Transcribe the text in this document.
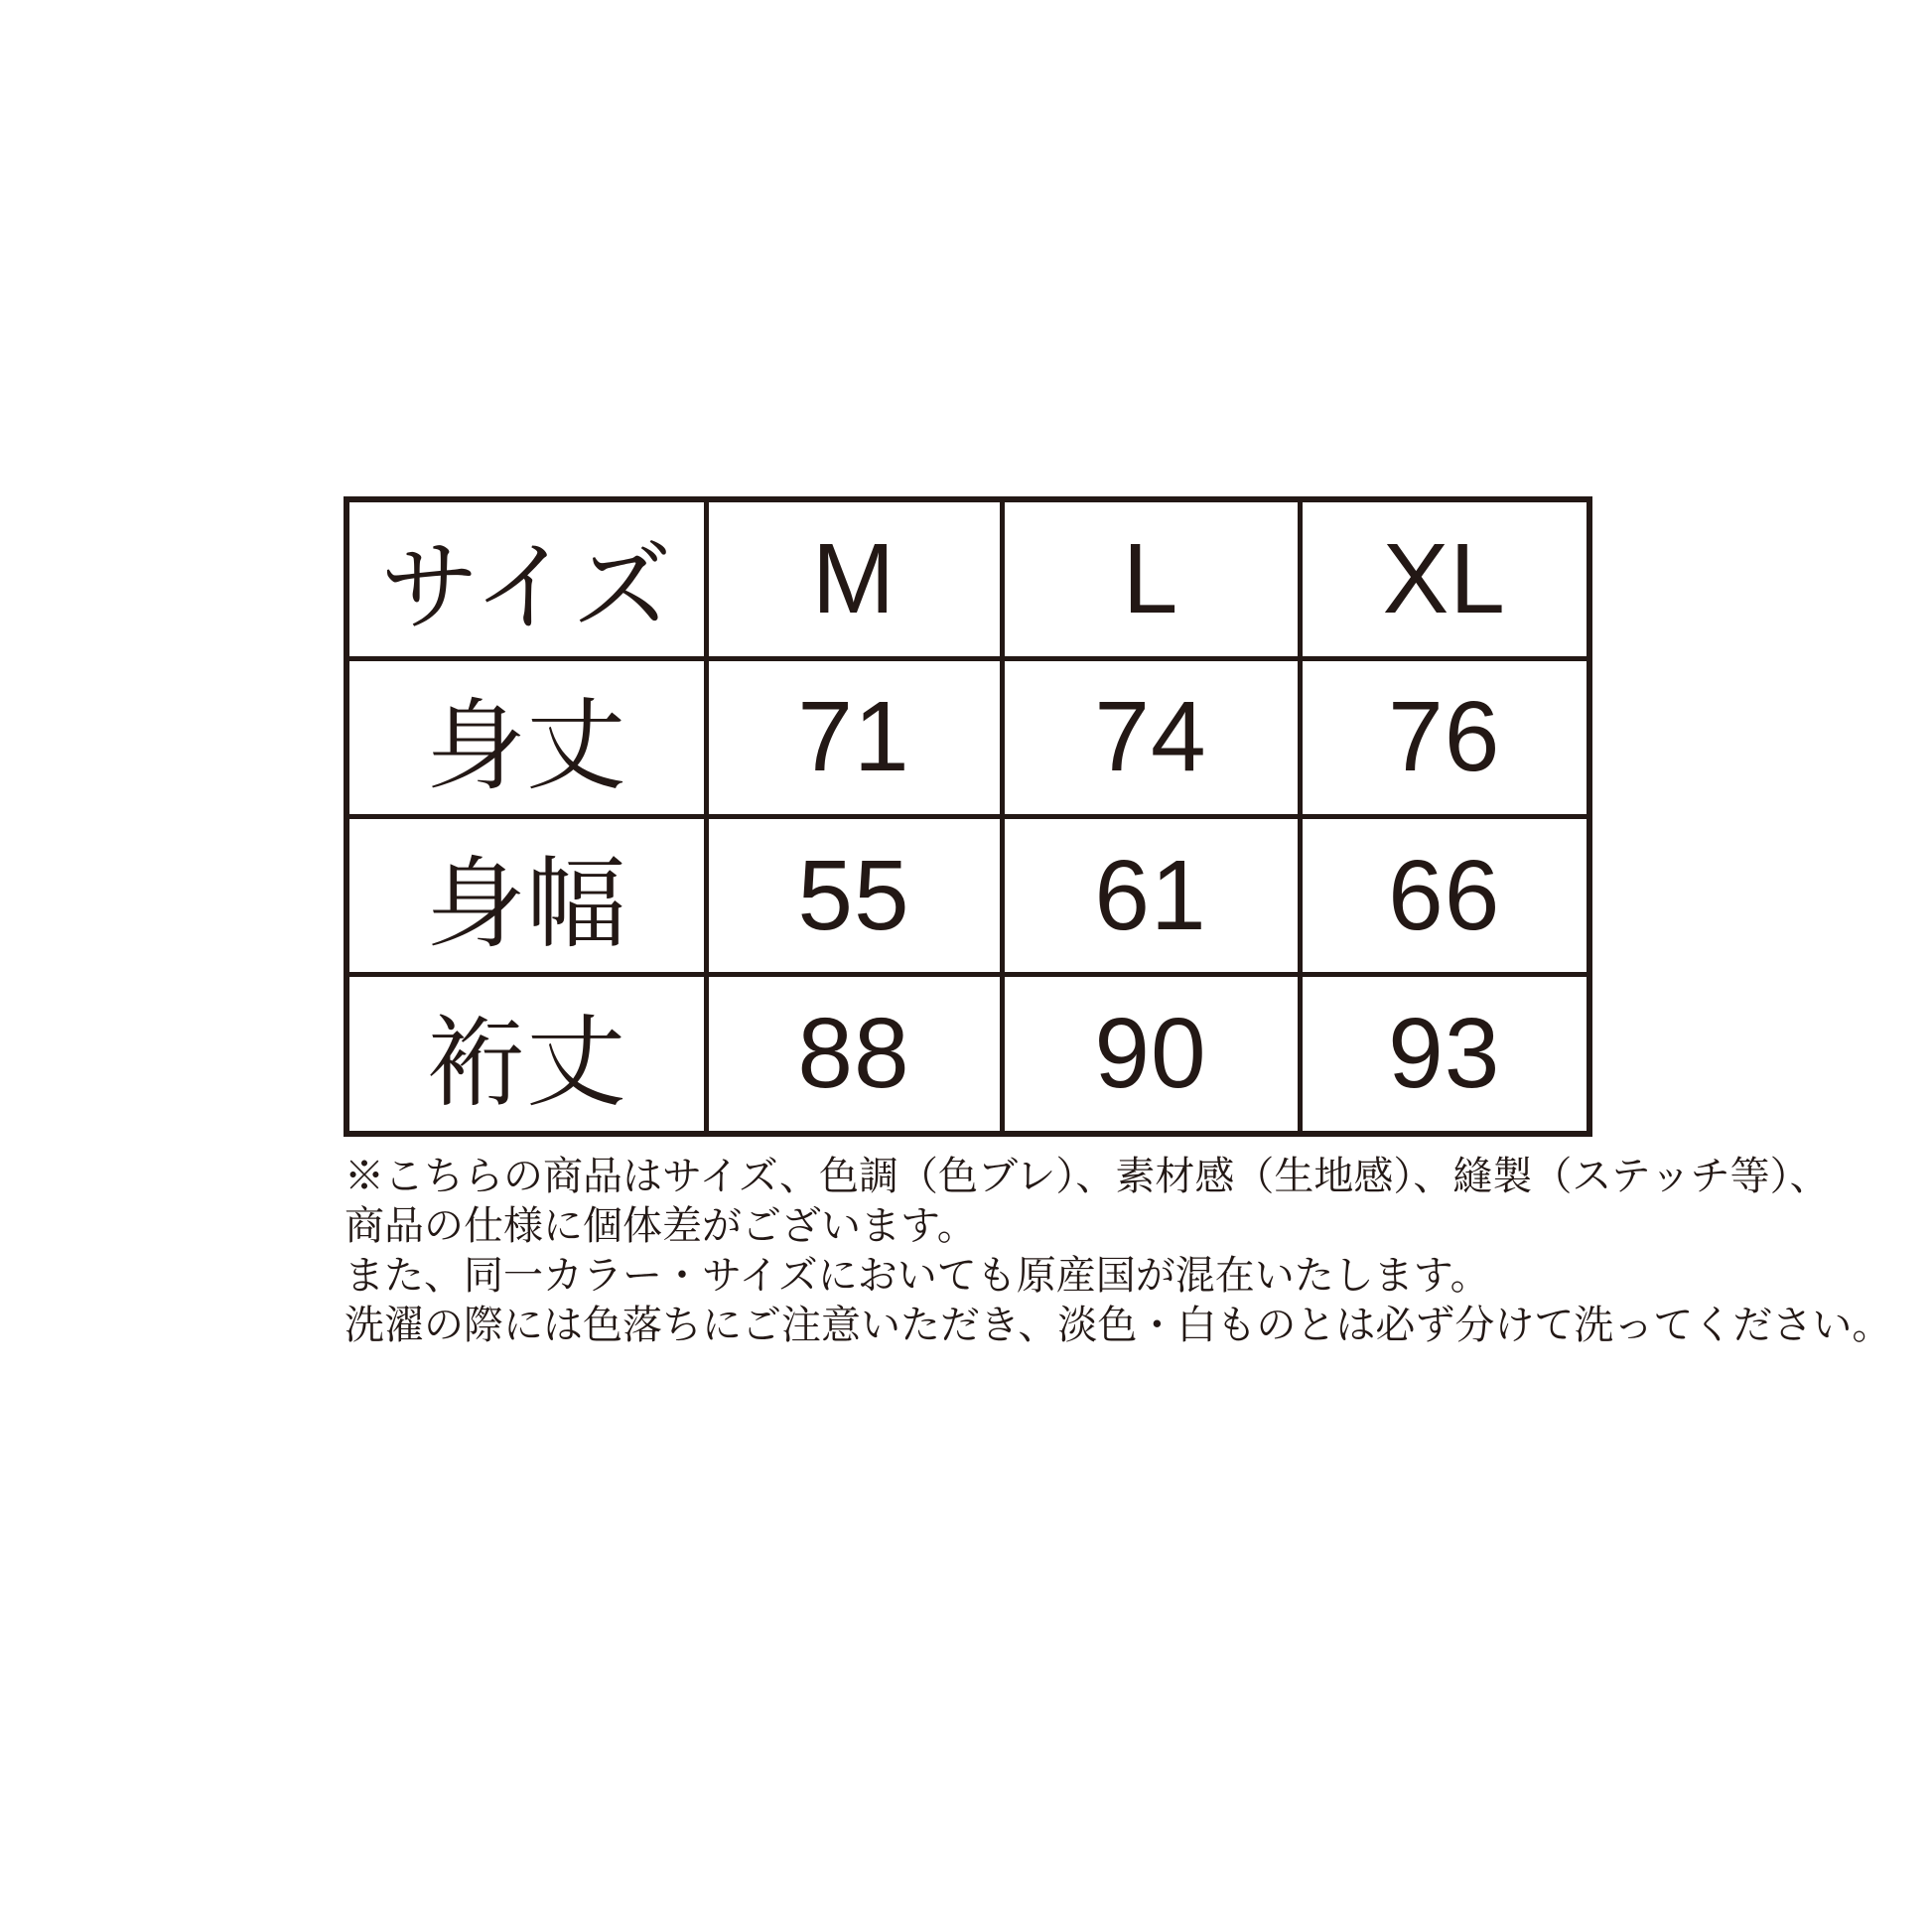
サイズ	M	L	XL
身丈	71	74	76
身幅	55	61	66
裄丈	88	90	93
※こちらの商品はサイズ、色調（色ブレ）、素材感（生地感）、縫製（ステッチ等）、
商品の仕様に個体差がございます。
また、同一カラー・サイズにおいても原産国が混在いたします。
洗濯の際には色落ちにご注意いただき、淡色・白ものとは必ず分けて洗ってください。
